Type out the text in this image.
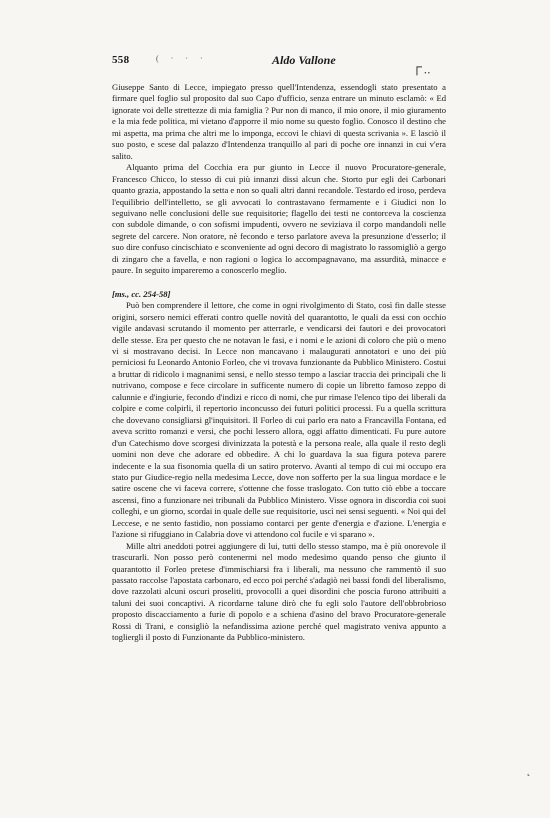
558	( · · ·	Aldo Vallone	┌ ̣ ̣

Giuseppe Santo di Lecce, impiegato presso quell'Intendenza, essendogli stato presentato a firmare quel foglio sul proposito dal suo Capo d'ufficio, senza entrare un minuto esclamò: « Ed ignorate voi delle strettezze di mia famiglia ? Pur non di manco, il mio onore, il mio giuramento e la mia fede politica, mi vietano d'apporre il mio nome su questo foglio. Conosco il destino che mi aspetta, ma prima che altri me lo imponga, eccovi le chiavi di questa scrivania ». E lasciò il suo posto, e scese dal palazzo d'Intendenza tranquillo al pari di poche ore innanzi in cui v'era salito.

Alquanto prima del Cocchia era pur giunto in Lecce il nuovo Procuratore-generale, Francesco Chicco, lo stesso di cui più innanzi dissi alcun che. Storto pur egli dei Carbonari quanto grazia, appostando la setta e non so quali altri danni recandole. Testardo ed iroso, perdeva l'equilibrio dell'intelletto, se gli avvocati lo contrastavano fermamente e i Giudici non lo seguivano nelle conclusioni delle sue requisitorie; flagello dei testi ne contorceva la coscienza con subdole dimande, o con sofismi impudenti, ovvero ne seviziava il corpo mandandoli nelle segrete del carcere. Non oratore, nè fecondo e terso parlatore aveva la presunzione d'esserlo; il suo dire confuso cincischiato e sconveniente ad ogni decoro di magistrato lo rassomigliò a gergo di zingaro che a favella, e non ragioni o logica lo accompagnavano, ma assurdità, minacce e paure. In seguito impareremo a conoscerlo meglio.

[ms., cc. 254-58]

Può ben comprendere il lettore, che come in ogni rivolgimento di Stato, così fin dalle stesse origini, sorsero nemici efferati contro quelle novità del quarantotto, le quali da essi con occhio vigile andavasi scrutando il momento per atterrarle, e vendicarsi dei fautori e dei provocatori delle stesse. Era per questo che ne notavan le fasi, e i nomi e le azioni di coloro che più o meno vi si mostravano decisi. In Lecce non mancavano i malaugurati annotatori e uno dei più perniciosi fu Leonardo Antonio Forleo, che vi trovava funzionante da Pubblico Ministero. Costui a bruttar di ridicolo i magnanimi sensi, e nello stesso tempo a lasciar traccia dei principali che li nutrivano, compose e fece circolare in sufficente numero di copie un libretto famoso zeppo di calunnie e d'ingiurie, fecondo d'indizi e ricco di nomi, che pur rimase l'elenco tipo dei liberali da colpire e come colpirli, il repertorio inconcusso dei futuri politici processi. Fu a quella scrittura che dovevano consigliarsi gl'inquisitori. Il Forleo di cui parlo era nato a Francavilla Fontana, ed aveva scritto romanzi e versi, che pochi lessero allora, oggi affatto dimenticati. Fu pure autore d'un Catechismo dove scorgesi divinizzata la potestà e la persona reale, alla quale il resto degli uomini non deve che adorare ed obbedire. A chi lo guardava la sua figura poteva parere indecente e la sua fisonomia quella di un satiro protervo. Avanti al tempo di cui mi occupo era stato pur Giudice-regio nella medesima Lecce, dove non sofferto per la sua lingua mordace e le satire oscene che vi faceva correre, s'ottenne che fosse traslogato. Con tutto ciò ebbe a toccare ascensi, fino a funzionare nei tribunali da Pubblico Ministero. Visse ognora in discordia coi suoi colleghi, e un giorno, scordai in quale delle sue requisitorie, uscì nei sensi seguenti. « Noi qui del Leccese, e ne sento fastidio, non possiamo contarci per gente d'energia e d'azione. L'energia e l'azione si rifuggiano in Calabria dove vi attendono col fucile e vi sparano ».

Mille altri aneddoti potrei aggiungere di lui, tutti dello stesso stampo, ma è più onorevole il trascurarli. Non posso però contenermi nel modo medesimo quando penso che giunto il quarantotto il Forleo pretese d'immischiarsi fra i liberali, ma nessuno che rammentò il suo passato raccolse l'apostata carbonaro, ed ecco poi perché s'adagiò nei bassi fondi del liberalismo, dove razzolati alcuni oscuri proseliti, provocolli a quei disordini che poscia furono attribuiti a taluni dei suoi concaptivi. A ricordarne talune dirò che fu egli solo l'autore dell'obbrobrioso proposto discacciamento a furie di popolo e a schiena d'asino del bravo Procuratore-generale Rossi di Trani, e consigliò la nefandissima azione perché quel magistrato veniva appunto a togliergli il posto di Funzionante da Pubblico-ministero.

˛
